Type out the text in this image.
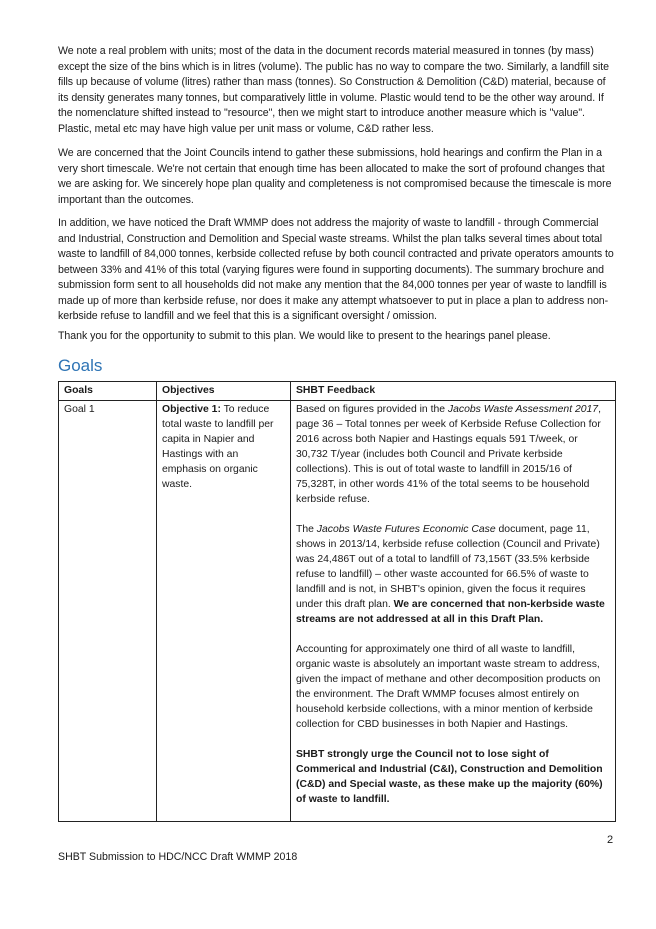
We note a real problem with units; most of the data in the document records material measured in tonnes (by mass) except the size of the bins which is in litres (volume). The public has no way to compare the two. Similarly, a landfill site fills up because of volume (litres) rather than mass (tonnes). So Construction & Demolition (C&D) material, because of its density generates many tonnes, but comparatively little in volume. Plastic would tend to be the other way around. If the nomenclature shifted instead to "resource", then we might start to introduce another measure which is "value". Plastic, metal etc may have high value per unit mass or volume, C&D rather less.

We are concerned that the Joint Councils intend to gather these submissions, hold hearings and confirm the Plan in a very short timescale. We're not certain that enough time has been allocated to make the sort of profound changes that we are asking for. We sincerely hope plan quality and completeness is not compromised because the timescale is more important than the outcomes.

In addition, we have noticed the Draft WMMP does not address the majority of waste to landfill - through Commercial and Industrial, Construction and Demolition and Special waste streams. Whilst the plan talks several times about total waste to landfill of 84,000 tonnes, kerbside collected refuse by both council contracted and private operators amounts to between 33% and 41% of this total (varying figures were found in supporting documents). The summary brochure and submission form sent to all households did not make any mention that the 84,000 tonnes per year of waste to landfill is made up of more than kerbside refuse, nor does it make any attempt whatsoever to put in place a plan to address non-kerbside refuse to landfill and we feel that this is a significant oversight / omission.

Thank you for the opportunity to submit to this plan. We would like to present to the hearings panel please.

Goals
Goals	Objectives	SHBT Feedback
Goal 1	Objective 1: To reduce total waste to landfill per capita in Napier and Hastings with an emphasis on organic waste.	Based on figures provided in the Jacobs Waste Assessment 2017, page 36 – Total tonnes per week of Kerbside Refuse Collection for 2016 across both Napier and Hastings equals 591 T/week, or 30,732 T/year (includes both Council and Private kerbside collections). This is out of total waste to landfill in 2015/16 of 75,328T, in other words 41% of the total seems to be household kerbside refuse.
The Jacobs Waste Futures Economic Case document, page 11, shows in 2013/14, kerbside refuse collection (Council and Private) was 24,486T out of a total to landfill of 73,156T (33.5% kerbside refuse to landfill) – other waste accounted for 66.5% of waste to landfill and is not, in SHBT's opinion, given the focus it requires under this draft plan. We are concerned that non-kerbside waste streams are not addressed at all in this Draft Plan.
Accounting for approximately one third of all waste to landfill, organic waste is absolutely an important waste stream to address, given the impact of methane and other decomposition products on the environment. The Draft WMMP focuses almost entirely on household kerbside collections, with a minor mention of kerbside collection for CBD businesses in both Napier and Hastings.
SHBT strongly urge the Council not to lose sight of Commerical and Industrial (C&I), Construction and Demolition (C&D) and Special waste, as these make up the majority (60%) of waste to landfill.
2
SHBT Submission to HDC/NCC Draft WMMP 2018
